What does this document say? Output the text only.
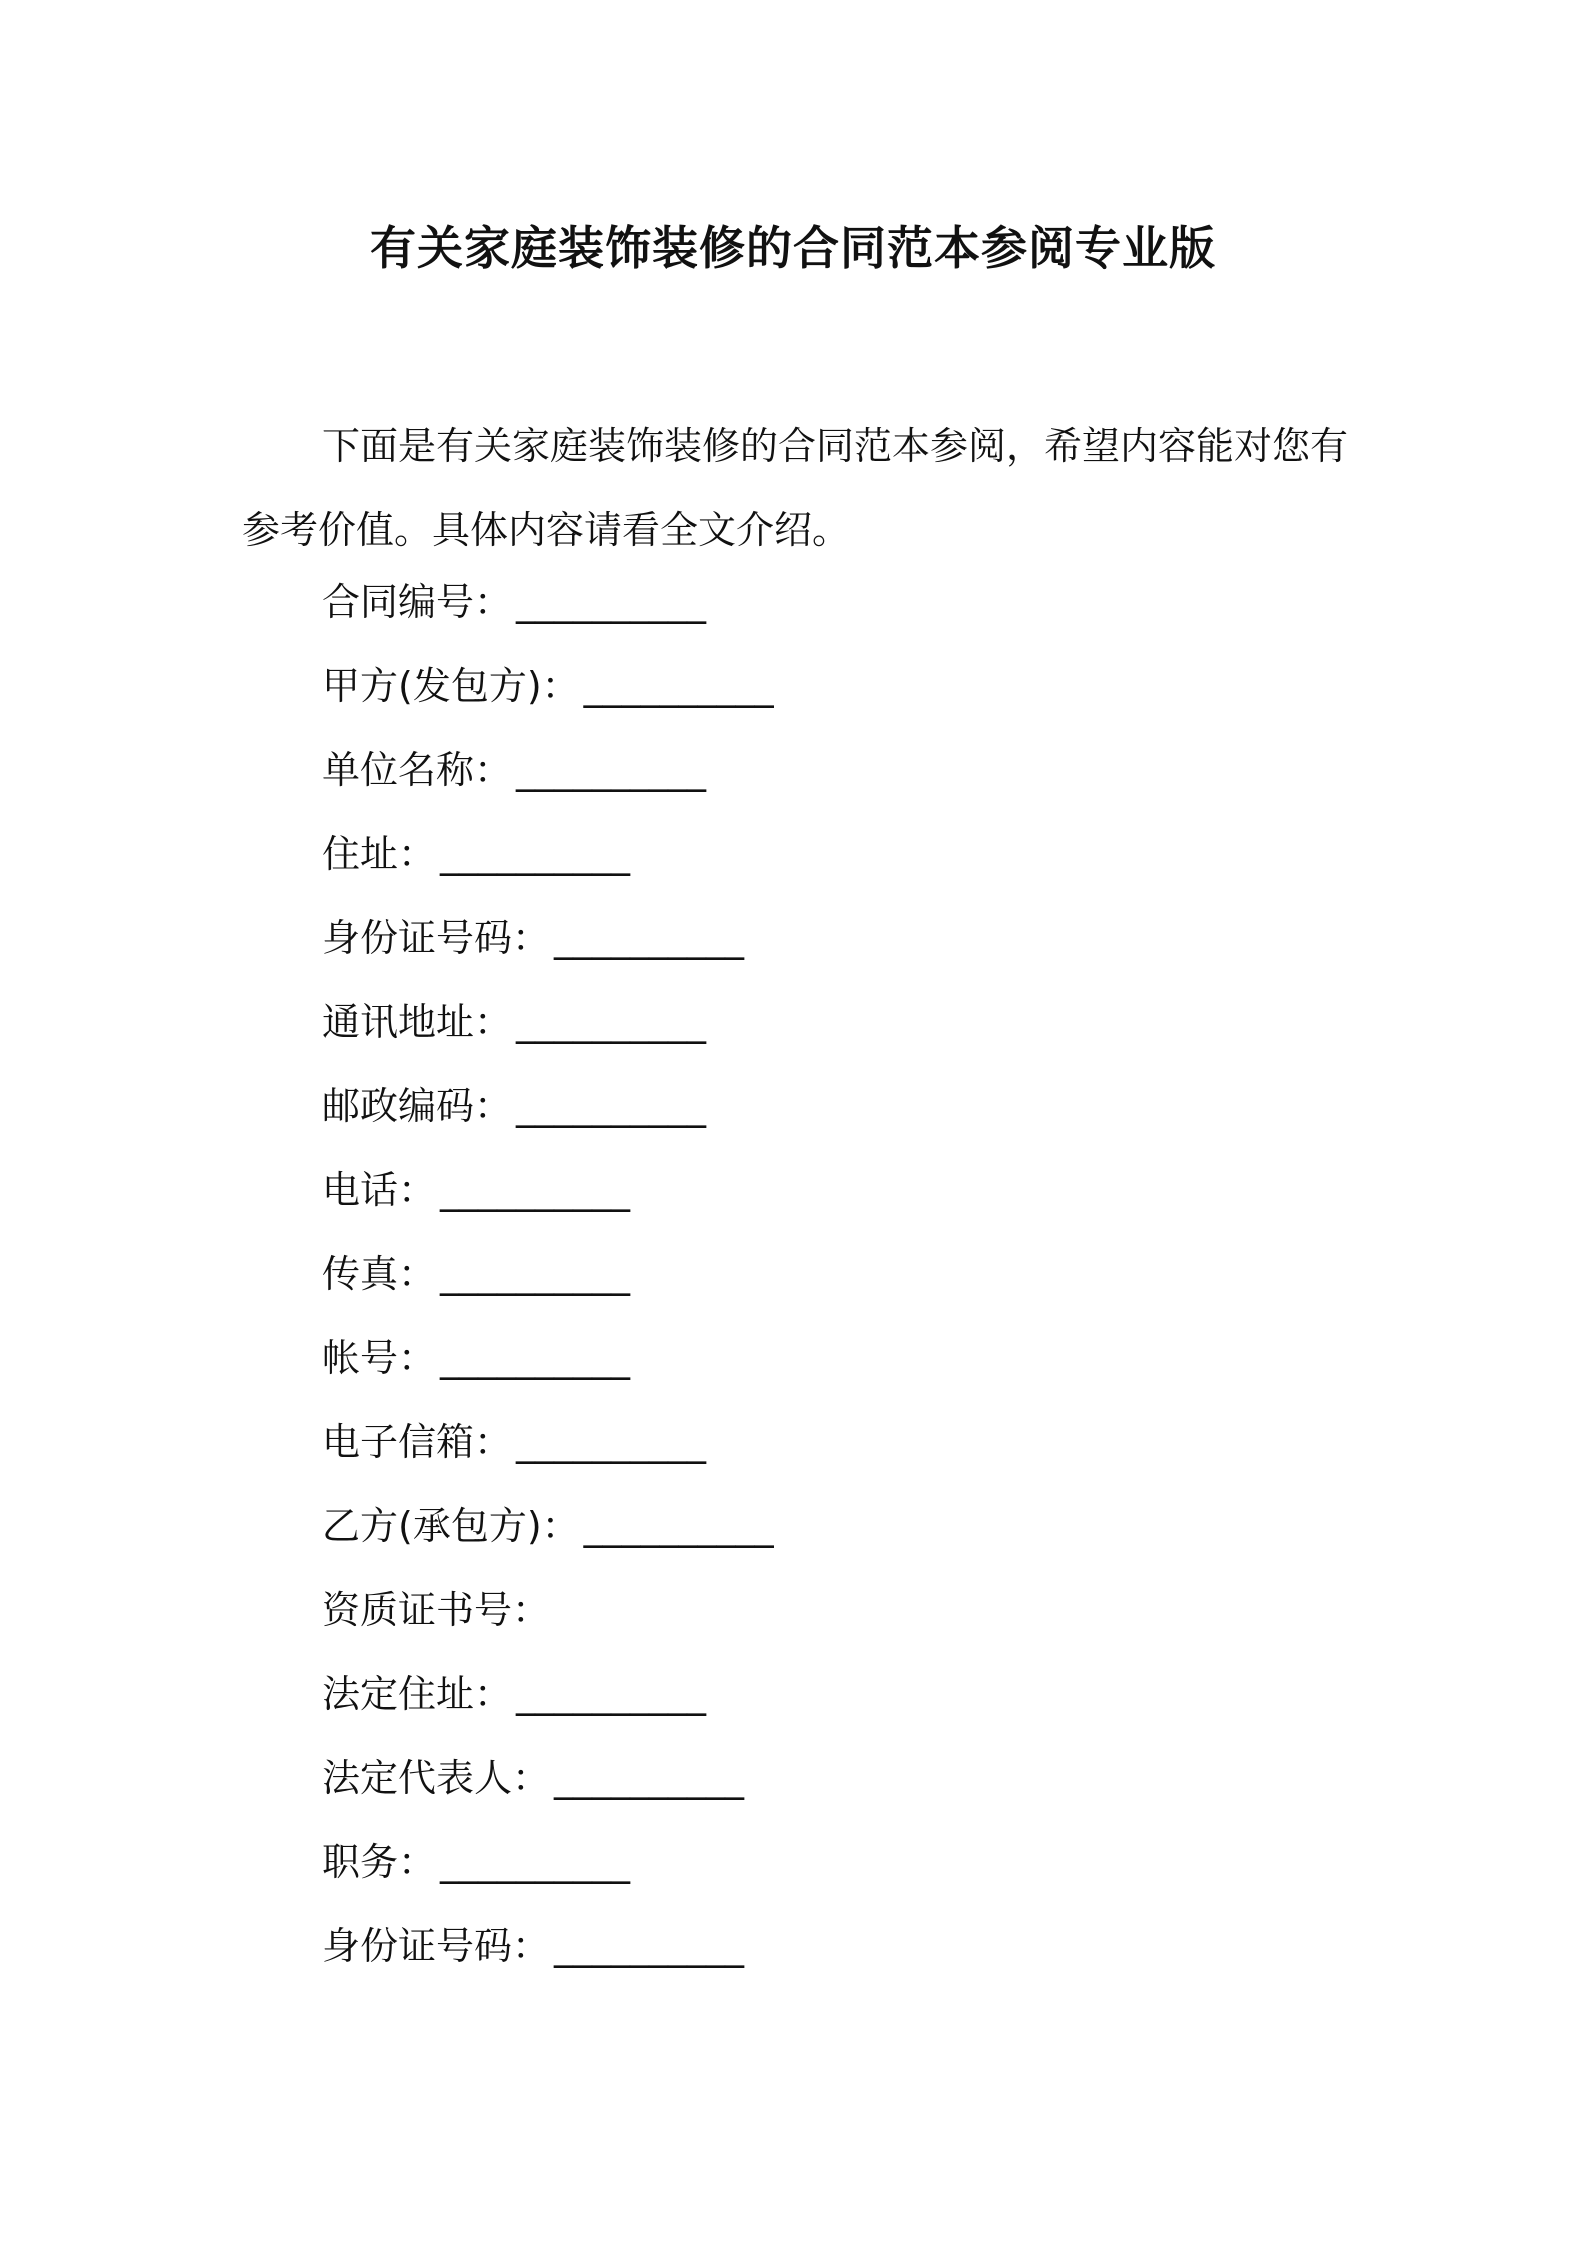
有关家庭装饰装修的合同范本参阅专业版

下面是有关家庭装饰装修的合同范本参阅，希望内容能对您有参考价值。具体内容请看全文介绍。

合同编号： __________
甲方(发包方)： __________
单位名称： __________
住址： __________
身份证号码： __________
通讯地址： __________
邮政编码： __________
电话： __________
传真： __________
帐号： __________
电子信箱： __________
乙方(承包方)： __________
资质证书号：
法定住址： __________
法定代表人： __________
职务： __________
身份证号码： __________
